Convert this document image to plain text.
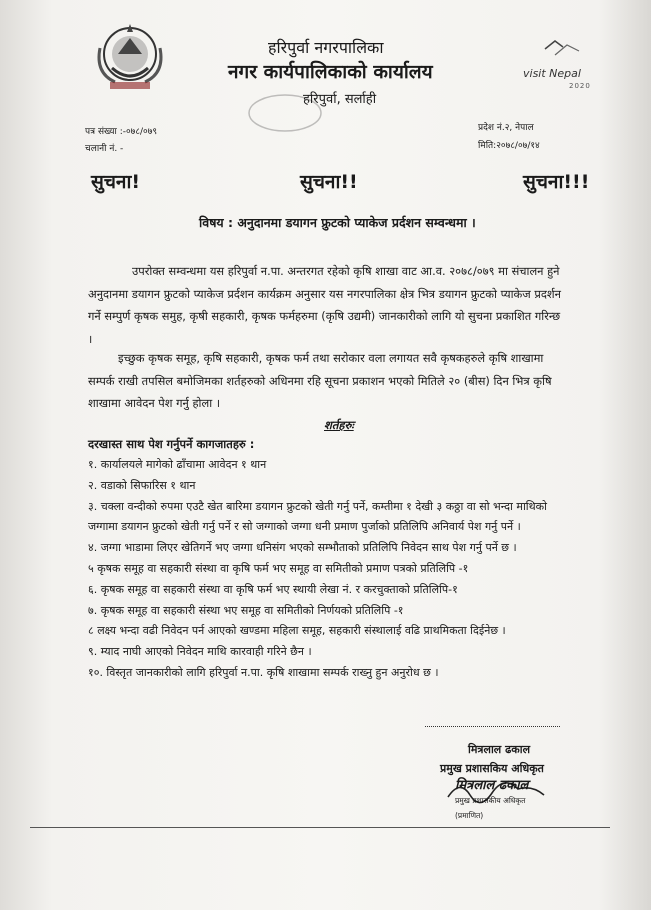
visit Nepal
2020
हरिपुर्वा नगरपालिका
नगर कार्यपालिकाको कार्यालय
हरिपुर्वा, सर्लाही
पत्र संख्या :-०७८/०७९
चलानी नं. -
प्रदेश नं.२, नेपाल
मिति:२०७८/०७/१४
सुचना!	सुचना!!	सुचना!!!
विषय : अनुदानमा डयागन फ्रुटको प्याकेज प्रर्दशन सम्वन्धमा ।
उपरोक्त सम्वन्धमा यस हरिपुर्वा न.पा. अन्तरगत रहेको कृषि शाखा वाट आ.व. २०७८/०७९ मा संचालन हुने अनुदानमा डयागन फ्रुटको प्याकेज प्रर्दशन कार्यक्रम अनुसार यस नगरपालिका क्षेत्र भित्र डयागन फ्रुटको प्याकेज प्रदर्शन गर्ने सम्पुर्ण कृषक समुह, कृषी सहकारी, कृषक फर्महरुमा (कृषि उद्यमी) जानकारीको लागि यो सुचना प्रकाशित गरिन्छ ।
इच्छुक कृषक समूह, कृषि सहकारी, कृषक फर्म तथा सरोकार वला लगायत सवै कृषकहरुले कृषि शाखामा सम्पर्क राखी तपसिल बमोजिमका शर्तहरुको अधिनमा रहि सूचना प्रकाशन भएको मितिले २० (बीस) दिन भित्र कृषि शाखामा आवेदन पेश गर्नु होला ।
शर्तहरुः
दरखास्त साथ पेश गर्नुपर्ने कागजातहरु :
१. कार्यालयले मागेको ढाँचामा आवेदन १ थान
२. वडाको सिफारिस १ थान
३. चक्ला वन्दीको रुपमा एउटै खेत बारिमा डयागन फ्रुटको खेती गर्नु पर्ने, कम्तीमा १ देखी ३ कठ्ठा वा सो भन्दा माथिको जग्गामा डयागन फ्रुटको खेती गर्नु पर्ने र सो जग्गाको जग्गा धनी प्रमाण पुर्जाको प्रतिलिपि अनिवार्य पेश गर्नु पर्ने ।
४. जग्गा भाडामा लिएर खेतिगर्ने भए जग्गा धनिसंग भएको सम्भौताको प्रतिलिपि निवेदन साथ पेश गर्नु पर्ने छ ।
५ कृषक समूह वा सहकारी संस्था वा कृषि फर्म भए समूह वा समितीको प्रमाण पत्रको प्रतिलिपि -१
६. कृषक समूह वा सहकारी संस्था वा कृषि फर्म भए स्थायी लेखा नं. र करचुक्ताको प्रतिलिपि-१
७. कृषक समूह वा सहकारी संस्था भए समूह वा समितीको निर्णयको प्रतिलिपि -१
८ लक्ष्य भन्दा वढी निवेदन पर्न आएको खण्डमा महिला समूह, सहकारी संस्थालाई वढि प्राथमिकता दिईनेछ ।
९. म्याद नाघी आएको निवेदन माथि कारवाही गरिने छैन ।
१०. विस्तृत जानकारीको लागि हरिपुर्वा न.पा. कृषि शाखामा सम्पर्क राख्नु हुन अनुरोध छ ।
मित्रलाल ढकाल
प्रमुख प्रशासकिय अधिकृत
मित्रलाल ढकाल
प्रमुख प्रशासकीय अधिकृत
(प्रमाणित)
